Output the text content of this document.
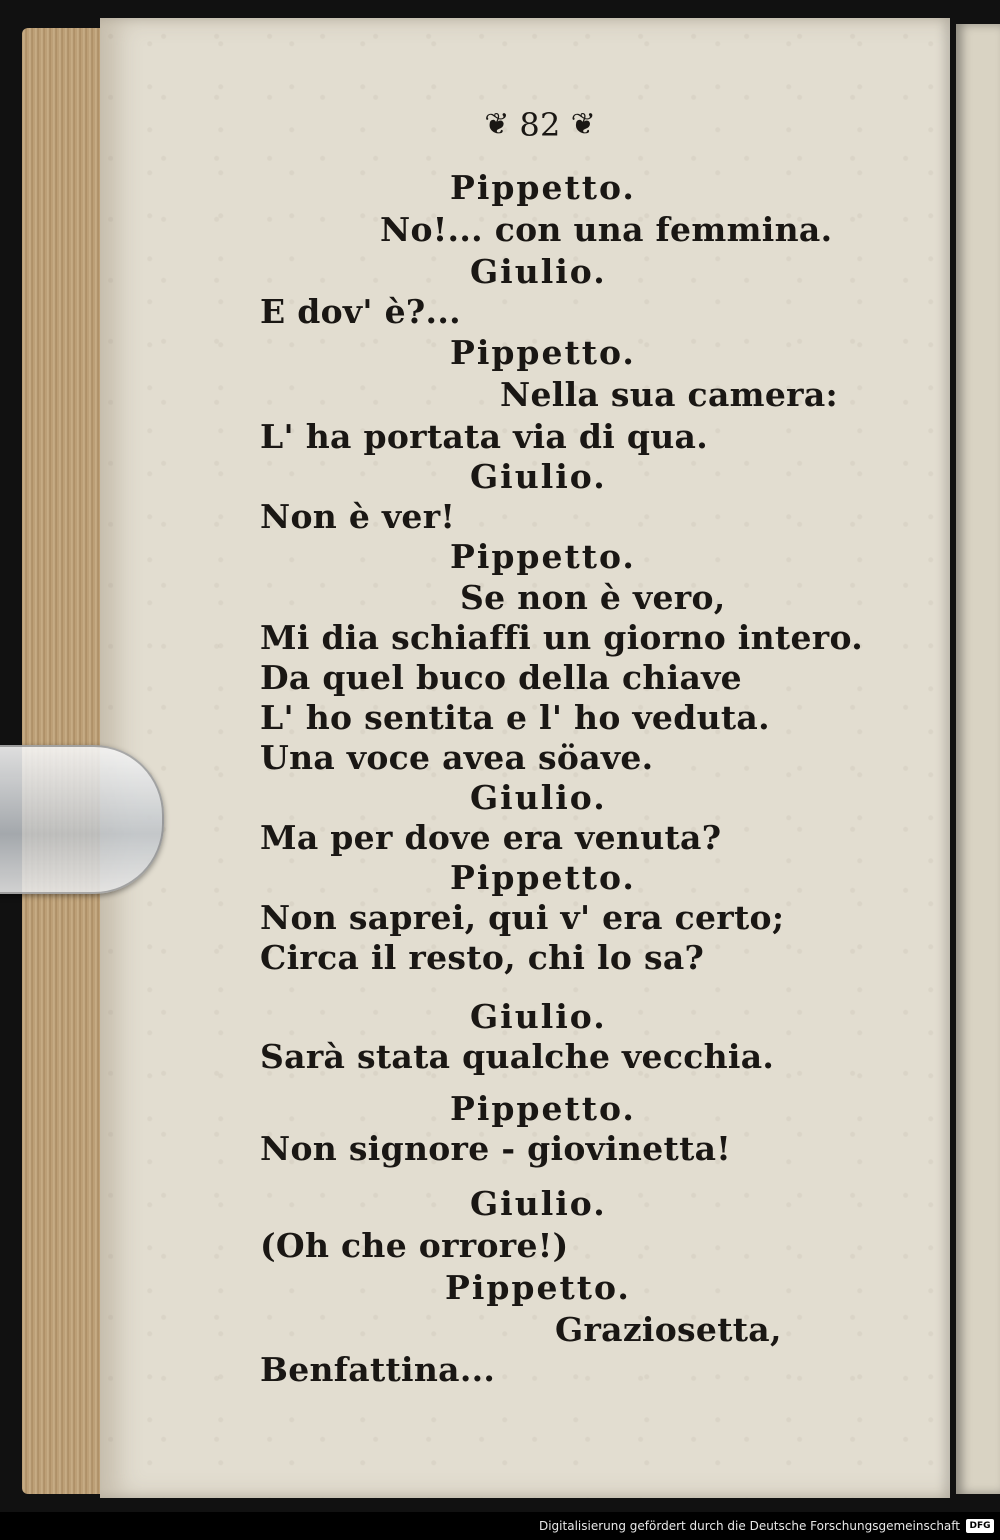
❦ 82 ❦

Pippetto.

No!... con una femmina.

Giulio.

E dov' è?...

Pippetto.

Nella sua camera:

L' ha portata via di qua.

Giulio.

Non è ver!

Pippetto.

Se non è vero,

Mi dia schiaffi un giorno intero.

Da quel buco della chiave

L' ho sentita e l' ho veduta.

Una voce avea söave.

Giulio.

Ma per dove era venuta?

Pippetto.

Non saprei, qui v' era certo;

Circa il resto, chi lo sa?

Giulio.

Sarà stata qualche vecchia.

Pippetto.

Non signore - giovinetta!

Giulio.

(Oh che orrore!)

Pippetto.

Graziosetta,

Benfattina...

Digitalisierung gefördert durch die Deutsche Forschungsgemeinschaft	DFG
